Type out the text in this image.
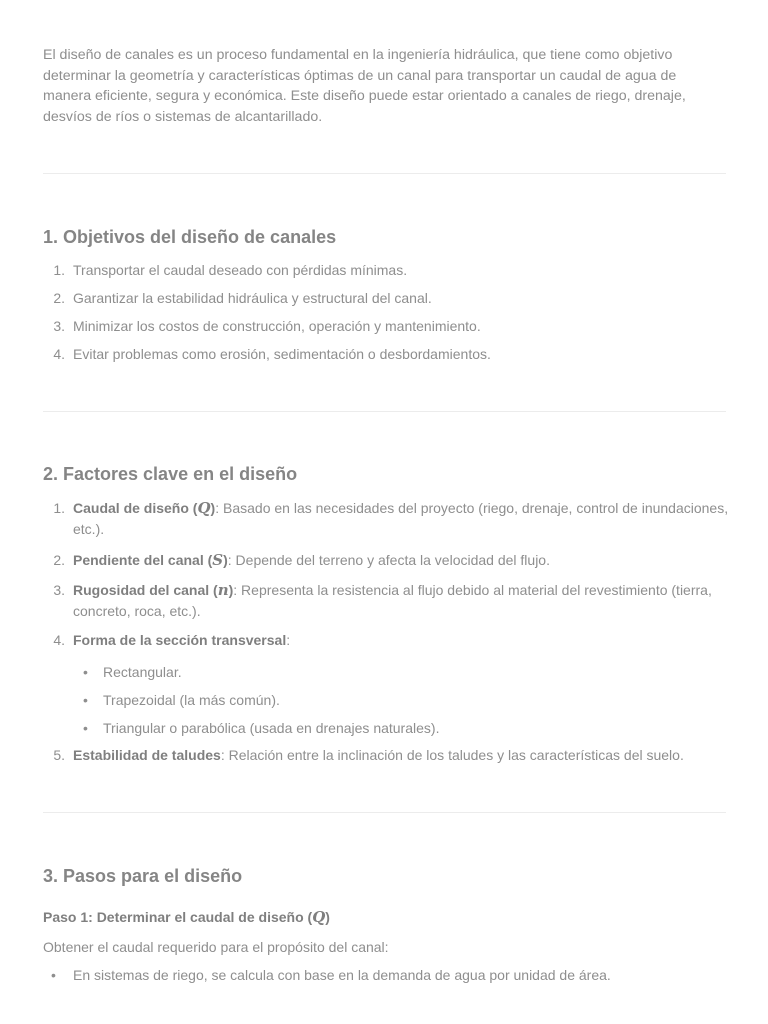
El diseño de canales es un proceso fundamental en la ingeniería hidráulica, que tiene como objetivo determinar la geometría y características óptimas de un canal para transportar un caudal de agua de manera eficiente, segura y económica. Este diseño puede estar orientado a canales de riego, drenaje, desvíos de ríos o sistemas de alcantarillado.

1. Objetivos del diseño de canales
1. Transportar el caudal deseado con pérdidas mínimas.
2. Garantizar la estabilidad hidráulica y estructural del canal.
3. Minimizar los costos de construcción, operación y mantenimiento.
4. Evitar problemas como erosión, sedimentación o desbordamientos.
2. Factores clave en el diseño
1. Caudal de diseño (Q): Basado en las necesidades del proyecto (riego, drenaje, control de inundaciones, etc.).
2. Pendiente del canal (S): Depende del terreno y afecta la velocidad del flujo.
3. Rugosidad del canal (n): Representa la resistencia al flujo debido al material del revestimiento (tierra, concreto, roca, etc.).
4. Forma de la sección transversal:
• Rectangular.
• Trapezoidal (la más común).
• Triangular o parabólica (usada en drenajes naturales).
5. Estabilidad de taludes: Relación entre la inclinación de los taludes y las características del suelo.
3. Pasos para el diseño

Paso 1: Determinar el caudal de diseño (Q)

Obtener el caudal requerido para el propósito del canal:

• En sistemas de riego, se calcula con base en la demanda de agua por unidad de área.
